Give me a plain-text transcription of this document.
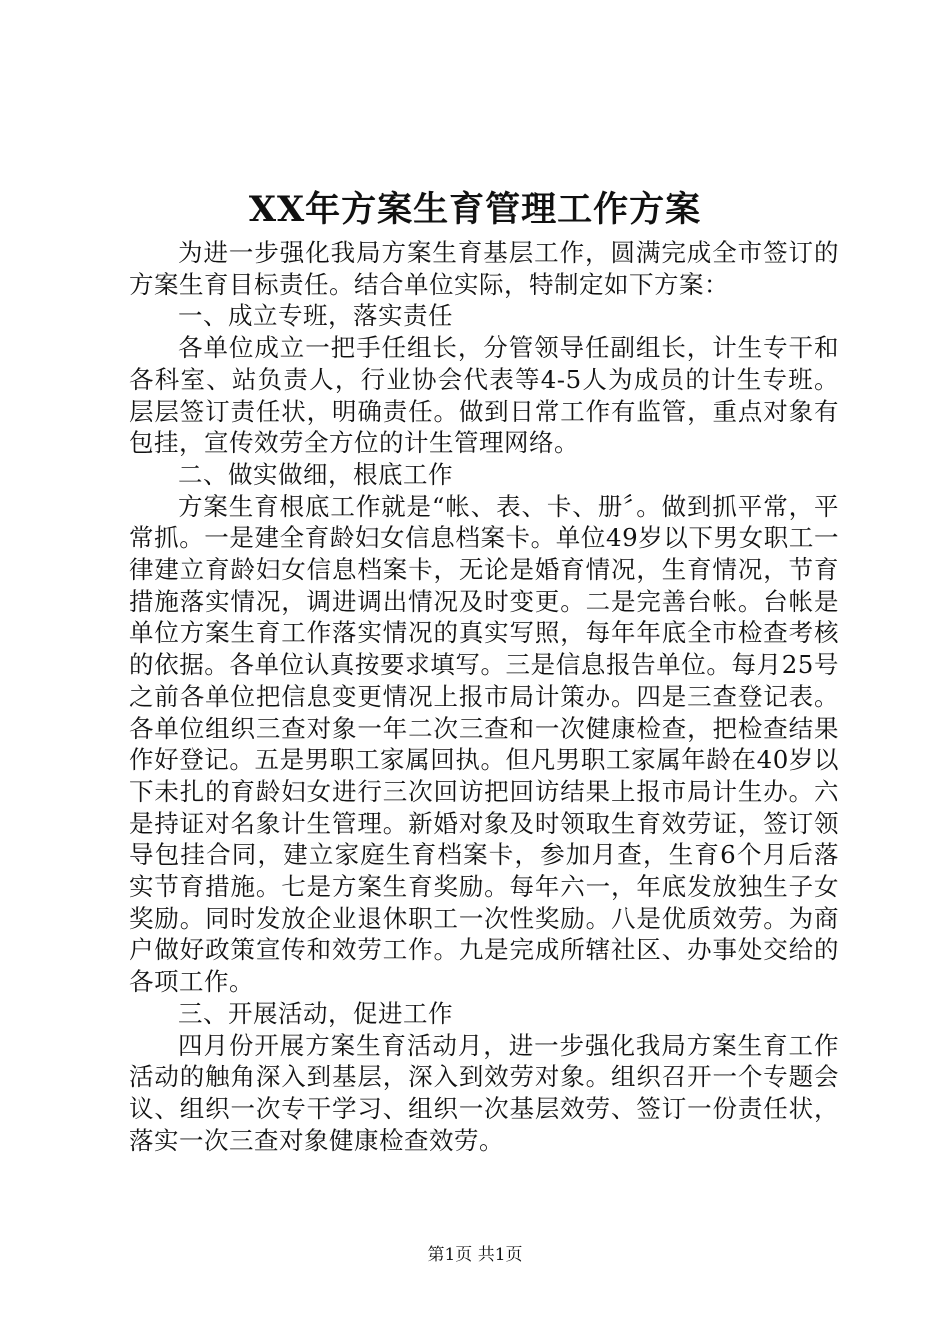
XX年方案生育管理工作方案

为进一步强化我局方案生育基层工作，圆满完成全市签订的方案生育目标责任。结合单位实际，特制定如下方案：

一、成立专班，落实责任

各单位成立一把手任组长，分管领导任副组长，计生专干和各科室、站负责人，行业协会代表等4-5人为成员的计生专班。层层签订责任状，明确责任。做到日常工作有监管，重点对象有包挂，宣传效劳全方位的计生管理网络。

二、做实做细，根底工作

方案生育根底工作就是“帐、表、卡、册〞。做到抓平常，平常抓。一是建全育龄妇女信息档案卡。单位49岁以下男女职工一律建立育龄妇女信息档案卡，无论是婚育情况，生育情况，节育措施落实情况，调进调出情况及时变更。二是完善台帐。台帐是单位方案生育工作落实情况的真实写照，每年年底全市检查考核的依据。各单位认真按要求填写。三是信息报告单位。每月25号之前各单位把信息变更情况上报市局计策办。四是三查登记表。各单位组织三查对象一年二次三查和一次健康检查，把检查结果作好登记。五是男职工家属回执。但凡男职工家属年龄在40岁以下未扎的育龄妇女进行三次回访把回访结果上报市局计生办。六是持证对名象计生管理。新婚对象及时领取生育效劳证，签订领导包挂合同，建立家庭生育档案卡，参加月查，生育6个月后落实节育措施。七是方案生育奖励。每年六一，年底发放独生子女奖励。同时发放企业退休职工一次性奖励。八是优质效劳。为商户做好政策宣传和效劳工作。九是完成所辖社区、办事处交给的各项工作。

三、开展活动，促进工作

四月份开展方案生育活动月，进一步强化我局方案生育工作活动的触角深入到基层，深入到效劳对象。组织召开一个专题会议、组织一次专干学习、组织一次基层效劳、签订一份责任状，落实一次三查对象健康检查效劳。

第1页 共1页
